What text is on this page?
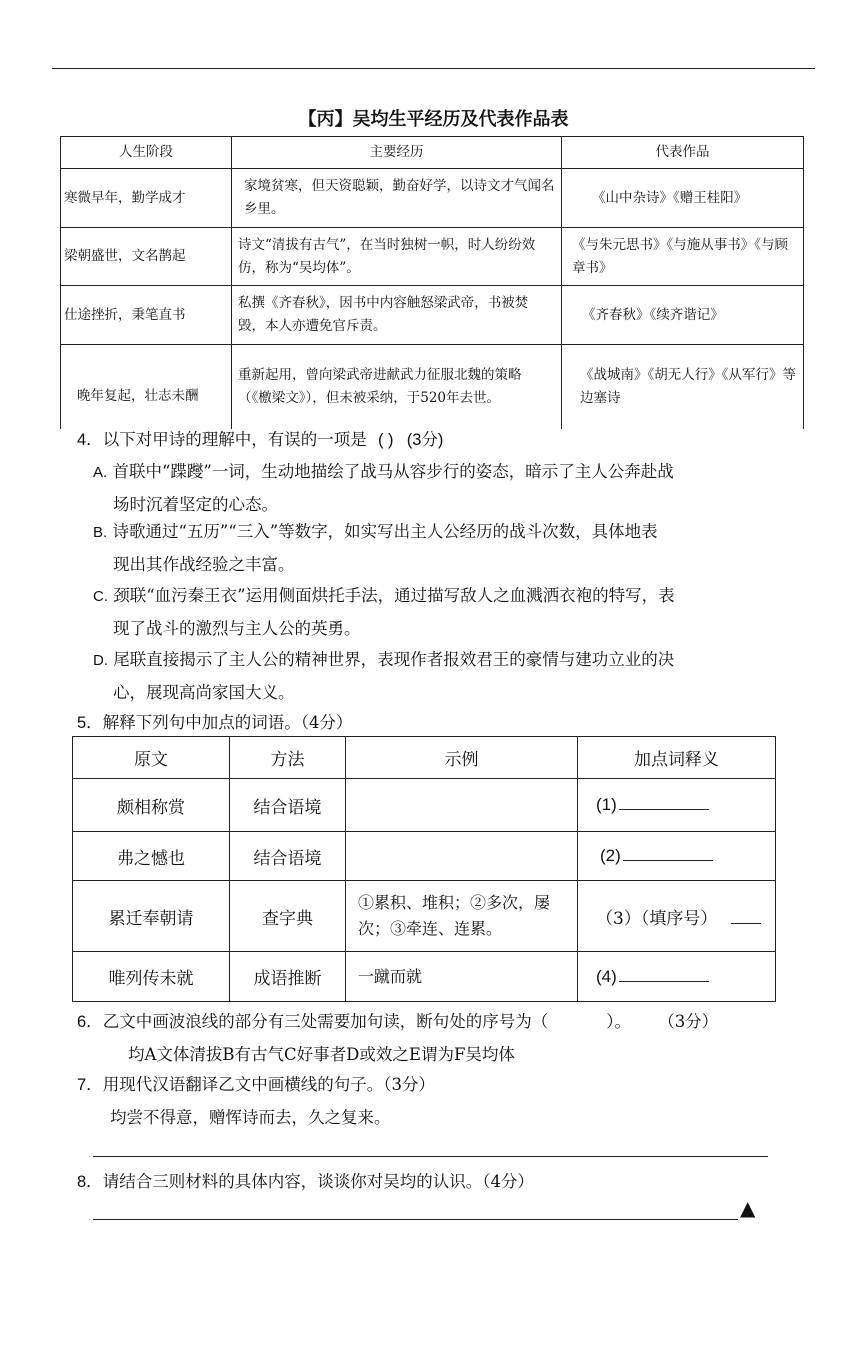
【丙】吴均生平经历及代表作品表
人生阶段	主要经历	代表作品
寒微早年，勤学成才	家境贫寒，但天资聪颖，勤奋好学，以诗文才气闻名乡里。	《山中杂诗》《赠王桂阳》
梁朝盛世，文名鹊起	诗文“清拔有古气”，在当时独树一帜，时人纷纷效仿，称为“吴均体”。	《与朱元思书》《与施从事书》《与顾章书》
仕途挫折，秉笔直书	私撰《齐春秋》，因书中内容触怒梁武帝，书被焚毁，本人亦遭免官斥责。	《齐春秋》《续齐谐记》
晚年复起，壮志未酬	重新起用，曾向梁武帝进献武力征服北魏的策略（《檄梁文》），但未被采纳，于520年去世。	《战城南》《胡无人行》《从军行》等边塞诗
4．以下对甲诗的理解中，有误的一项是 ( ) (3分)
A. 首联中“蹀躞”一词，生动地描绘了战马从容步行的姿态，暗示了主人公奔赴战
场时沉着坚定的心态。
B. 诗歌通过“五历”“三入”等数字，如实写出主人公经历的战斗次数，具体地表
现出其作战经验之丰富。
C. 颈联“血污秦王衣”运用侧面烘托手法，通过描写敌人之血溅洒衣袍的特写，表
现了战斗的激烈与主人公的英勇。
D. 尾联直接揭示了主人公的精神世界，表现作者报效君王的豪情与建功立业的决
心，展现高尚家国大义。
5．解释下列句中加点的词语。（4分）
原文	方法	示例	加点词释义
颇相称赏	结合语境		(1)
弗之憾也	结合语境		(2)
累迁奉朝请	查字典	①累积、堆积；②多次，屡次；③牵连、连累。	（3）（填序号）
唯列传未就	成语推断	一蹴而就	(4)
6．乙文中画波浪线的部分有三处需要加句读，断句处的序号为（	）。 （3分）
均A文体清拔B有古气C好事者D或效之E谓为F吴均体
7．用现代汉语翻译乙文中画横线的句子。（3分）
均尝不得意，赠恽诗而去，久之复来。
8．请结合三则材料的具体内容，谈谈你对吴均的认识。（4分）
▲
